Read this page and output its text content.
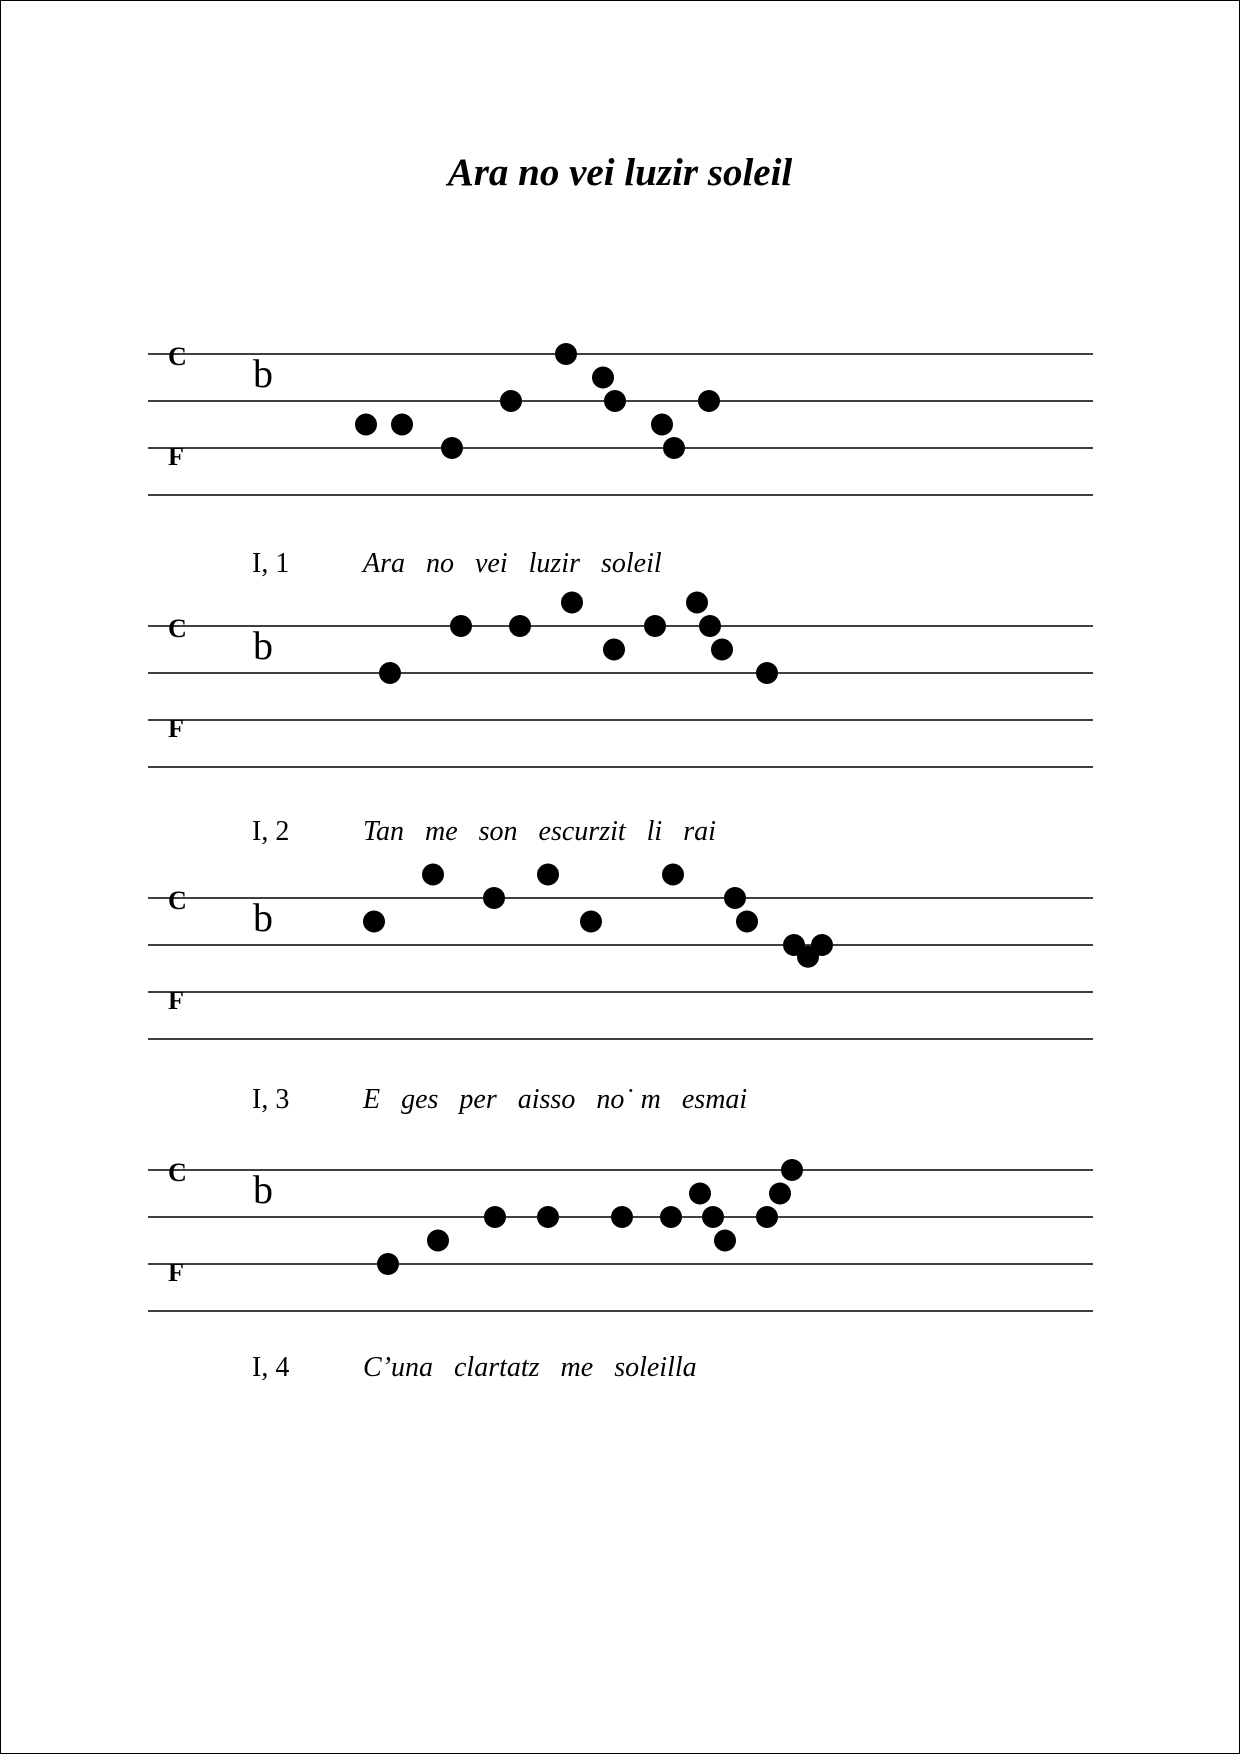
Ara no vei luzir soleil
C b
F
I, 1	Ara   no   vei   luzir   soleil
C b
F
I, 2	Tan   me   son   escurzit   li   rai
C b
F
I, 3	E   ges   per   aisso   no˙ m   esmai
C b
F
I, 4	C’una   clartatz   me   soleilla
